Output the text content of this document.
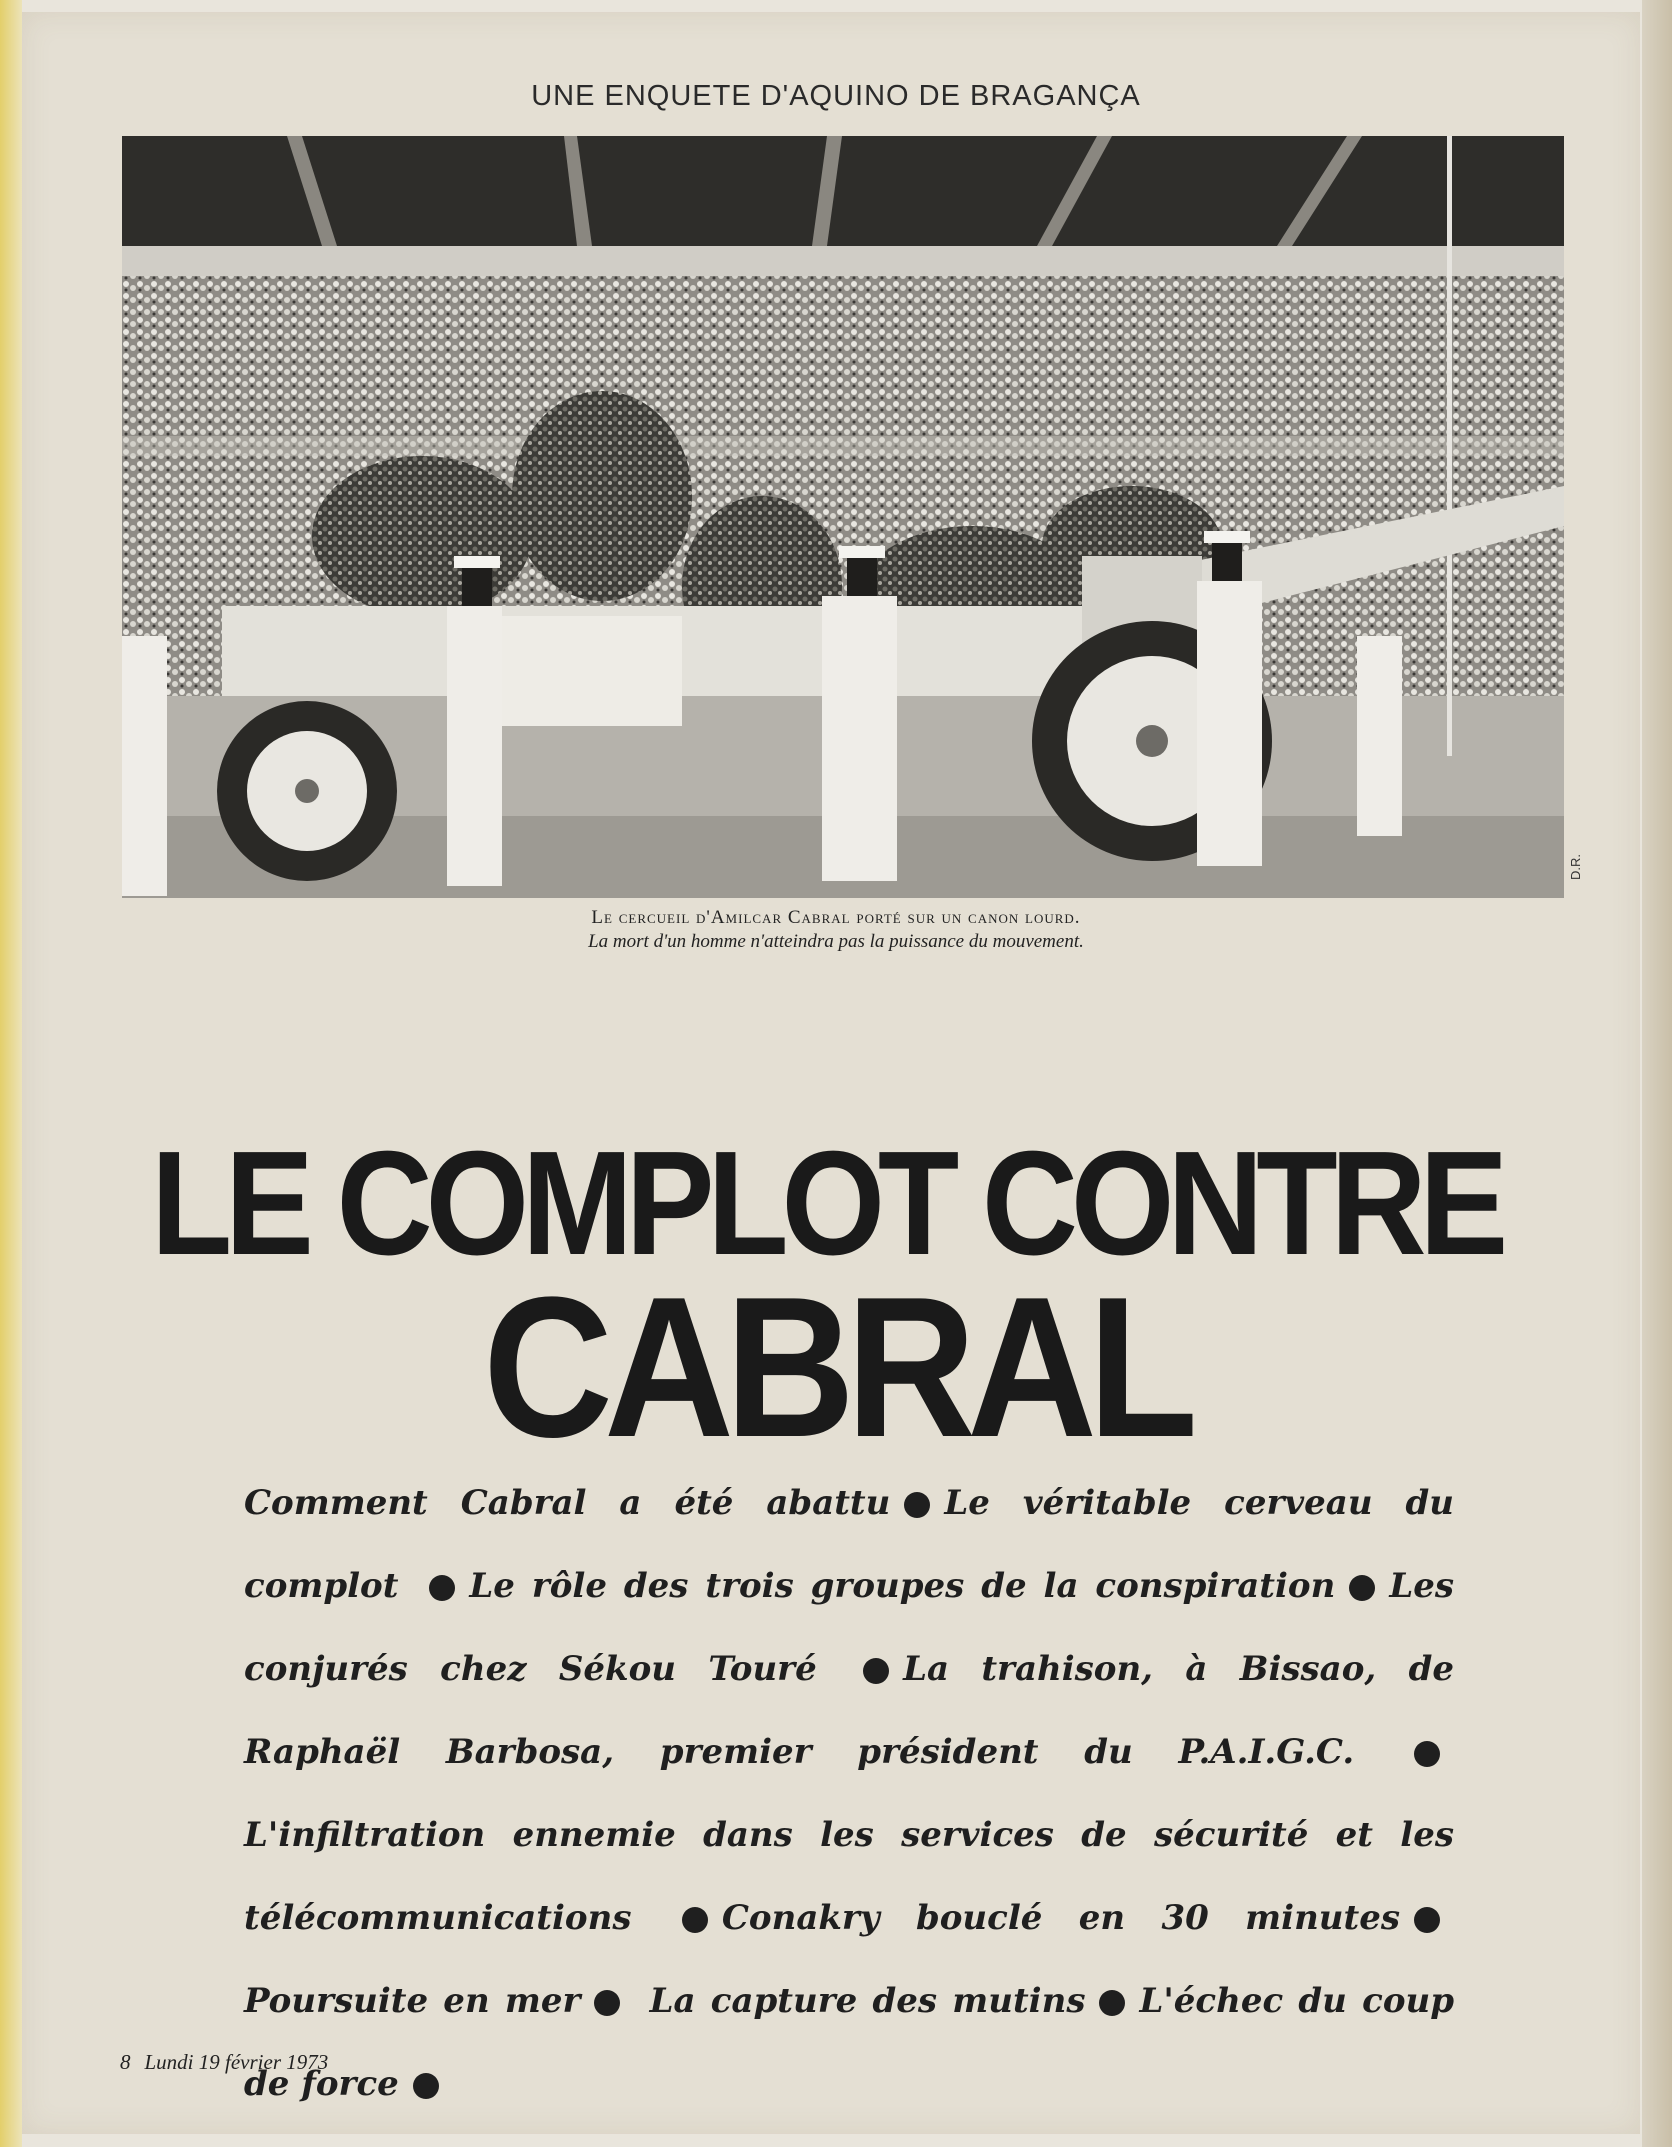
UNE ENQUETE D'AQUINO DE BRAGANÇA
D.R.
Le cercueil d'Amilcar Cabral porté sur un canon lourd.
La mort d'un homme n'atteindra pas la puissance du mouvement.
LE COMPLOT CONTRE
CABRAL
Comment Cabral a été abattu Le véritable cerveau du complot Le rôle des trois groupes de la conspiration Les conjurés chez Sékou Touré	La trahison, à Bissao, de Raphaël Barbosa, premier président du P.A.I.G.C. L'infiltration ennemie dans les services de sécurité et les télécommunications	Conakry bouclé en 30 minutesPoursuite en mer La capture des mutins L'échec du coup de force
8 Lundi 19 février 1973
